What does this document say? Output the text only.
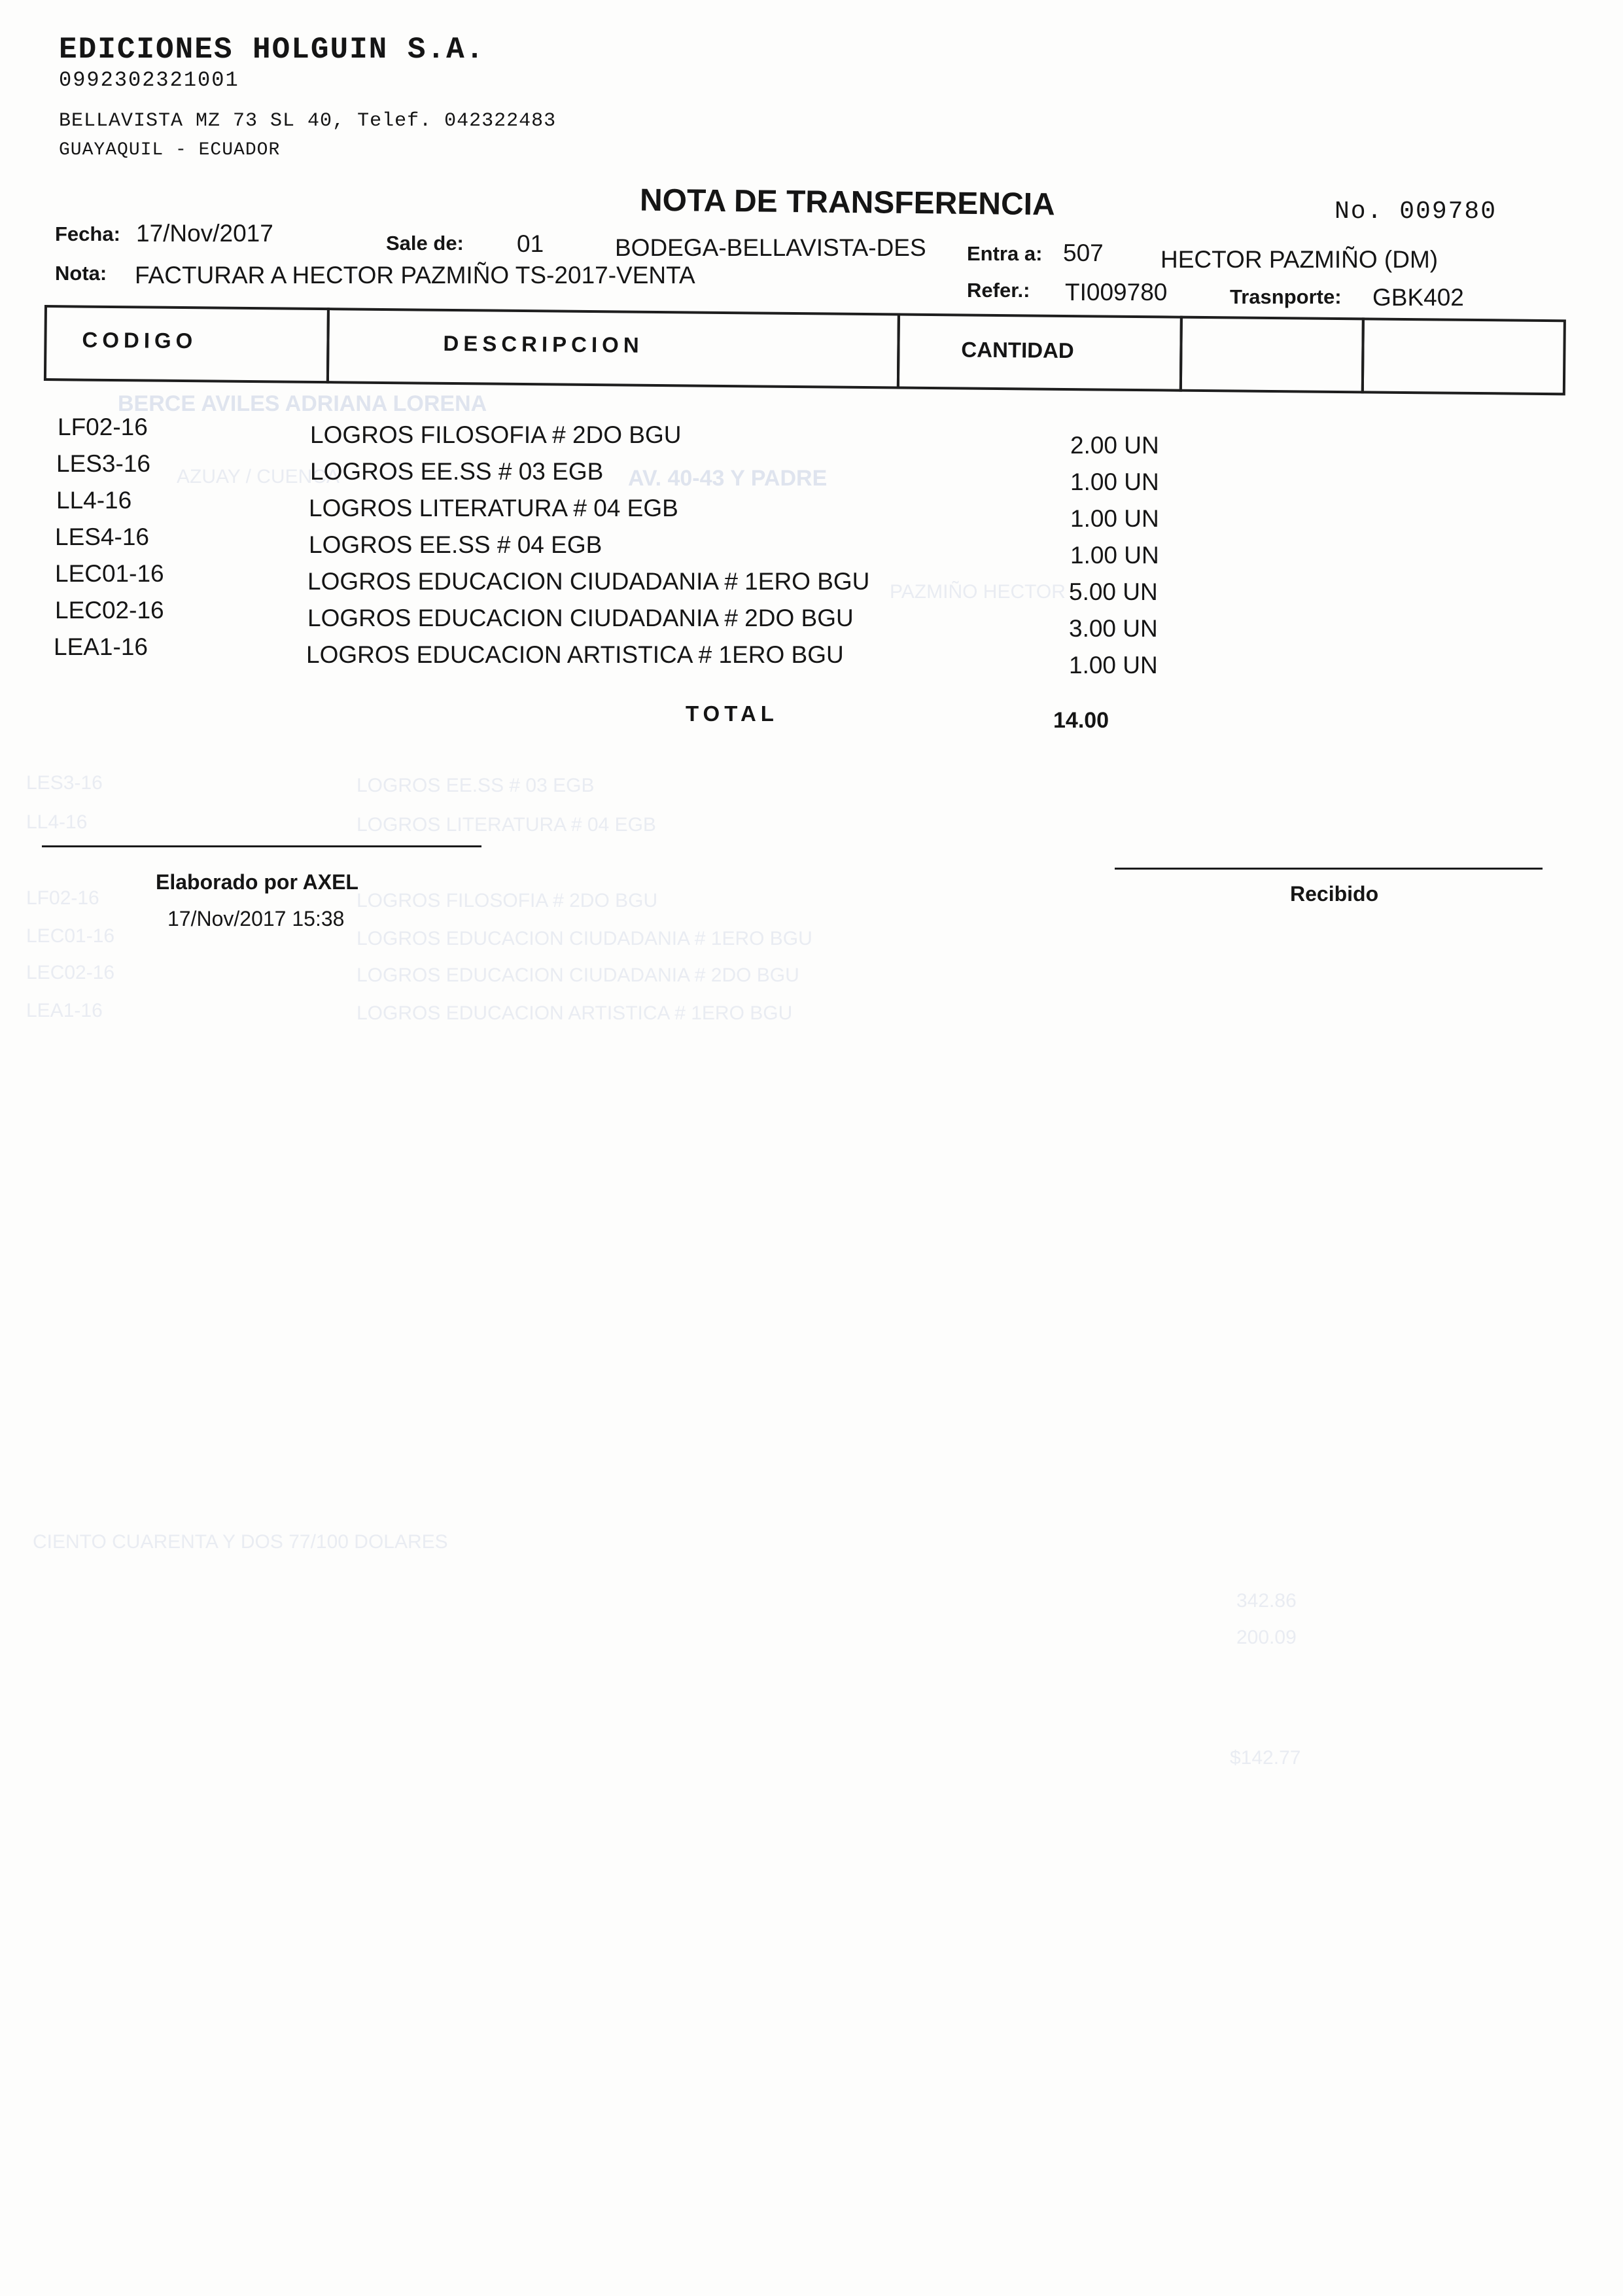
BERCE AVILES ADRIANA LORENA
AZUAY / CUENCA	AV. 40-43 Y PADRE
PAZMIÑO HECTOR
LES3-16	LOGROS EE.SS # 03 EGB
LL4-16	LOGROS LITERATURA # 04 EGB
LF02-16	LOGROS FILOSOFIA # 2DO BGU
LEC01-16	LOGROS EDUCACION CIUDADANIA # 1ERO BGU
LEC02-16	LOGROS EDUCACION CIUDADANIA # 2DO BGU
LEA1-16	LOGROS EDUCACION ARTISTICA # 1ERO BGU
CIENTO CUARENTA Y DOS 77/100 DOLARES
342.86
200.09
$142.77
EDICIONES HOLGUIN S.A.
0992302321001
BELLAVISTA MZ 73 SL 40, Telef. 042322483
GUAYAQUIL - ECUADOR
NOTA DE TRANSFERENCIA	No. 009780
Fecha: 17/Nov/2017	Sale de: 01	BODEGA-BELLAVISTA-DES Entra a: 507 HECTOR PAZMIÑO (DM)
Nota: FACTURAR A HECTOR PAZMIÑO TS-2017-VENTA
Refer.: TI009780	Trasnporte: GBK402
CODIGO	DESCRIPCION	CANTIDAD
LF02-16	LOGROS FILOSOFIA # 2DO BGU	2.00 UN
LES3-16	LOGROS EE.SS # 03 EGB	1.00 UN
LL4-16	LOGROS LITERATURA # 04 EGB	1.00 UN
LES4-16	LOGROS EE.SS # 04 EGB	1.00 UN
LEC01-16	LOGROS EDUCACION CIUDADANIA # 1ERO BGU	5.00 UN
LEC02-16	LOGROS EDUCACION CIUDADANIA # 2DO BGU	3.00 UN
LEA1-16	LOGROS EDUCACION ARTISTICA # 1ERO BGU	1.00 UN
TOTAL	14.00
Elaborado por AXEL
17/Nov/2017 15:38
Recibido
